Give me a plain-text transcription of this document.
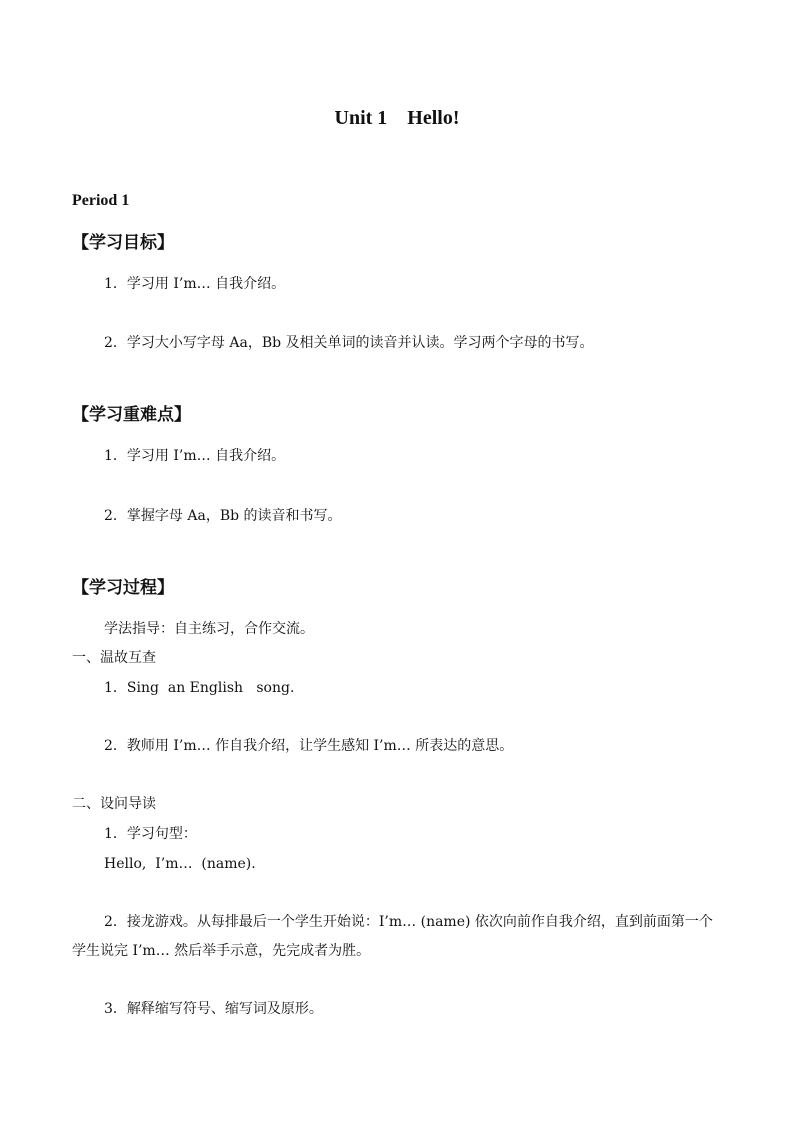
Unit 1    Hello!
Period 1
【学习目标】
1．学习用 I’m… 自我介绍。
2．学习大小写字母 Aa，Bb 及相关单词的读音并认读。学习两个字母的书写。
【学习重难点】
1．学习用 I’m… 自我介绍。
2．掌握字母 Aa，Bb 的读音和书写。
【学习过程】
学法指导：自主练习，合作交流。
一、温故互查
1．Sing  an English   song.
2．教师用 I’m… 作自我介绍，让学生感知 I’m… 所表达的意思。
二、设问导读
1．学习句型：
Hello,  I’m…  (name).
2．接龙游戏。从每排最后一个学生开始说：I’m… (name) 依次向前作自我介绍，直到前面第一个学生说完 I’m… 然后举手示意，先完成者为胜。
3．解释缩写符号、缩写词及原形。
